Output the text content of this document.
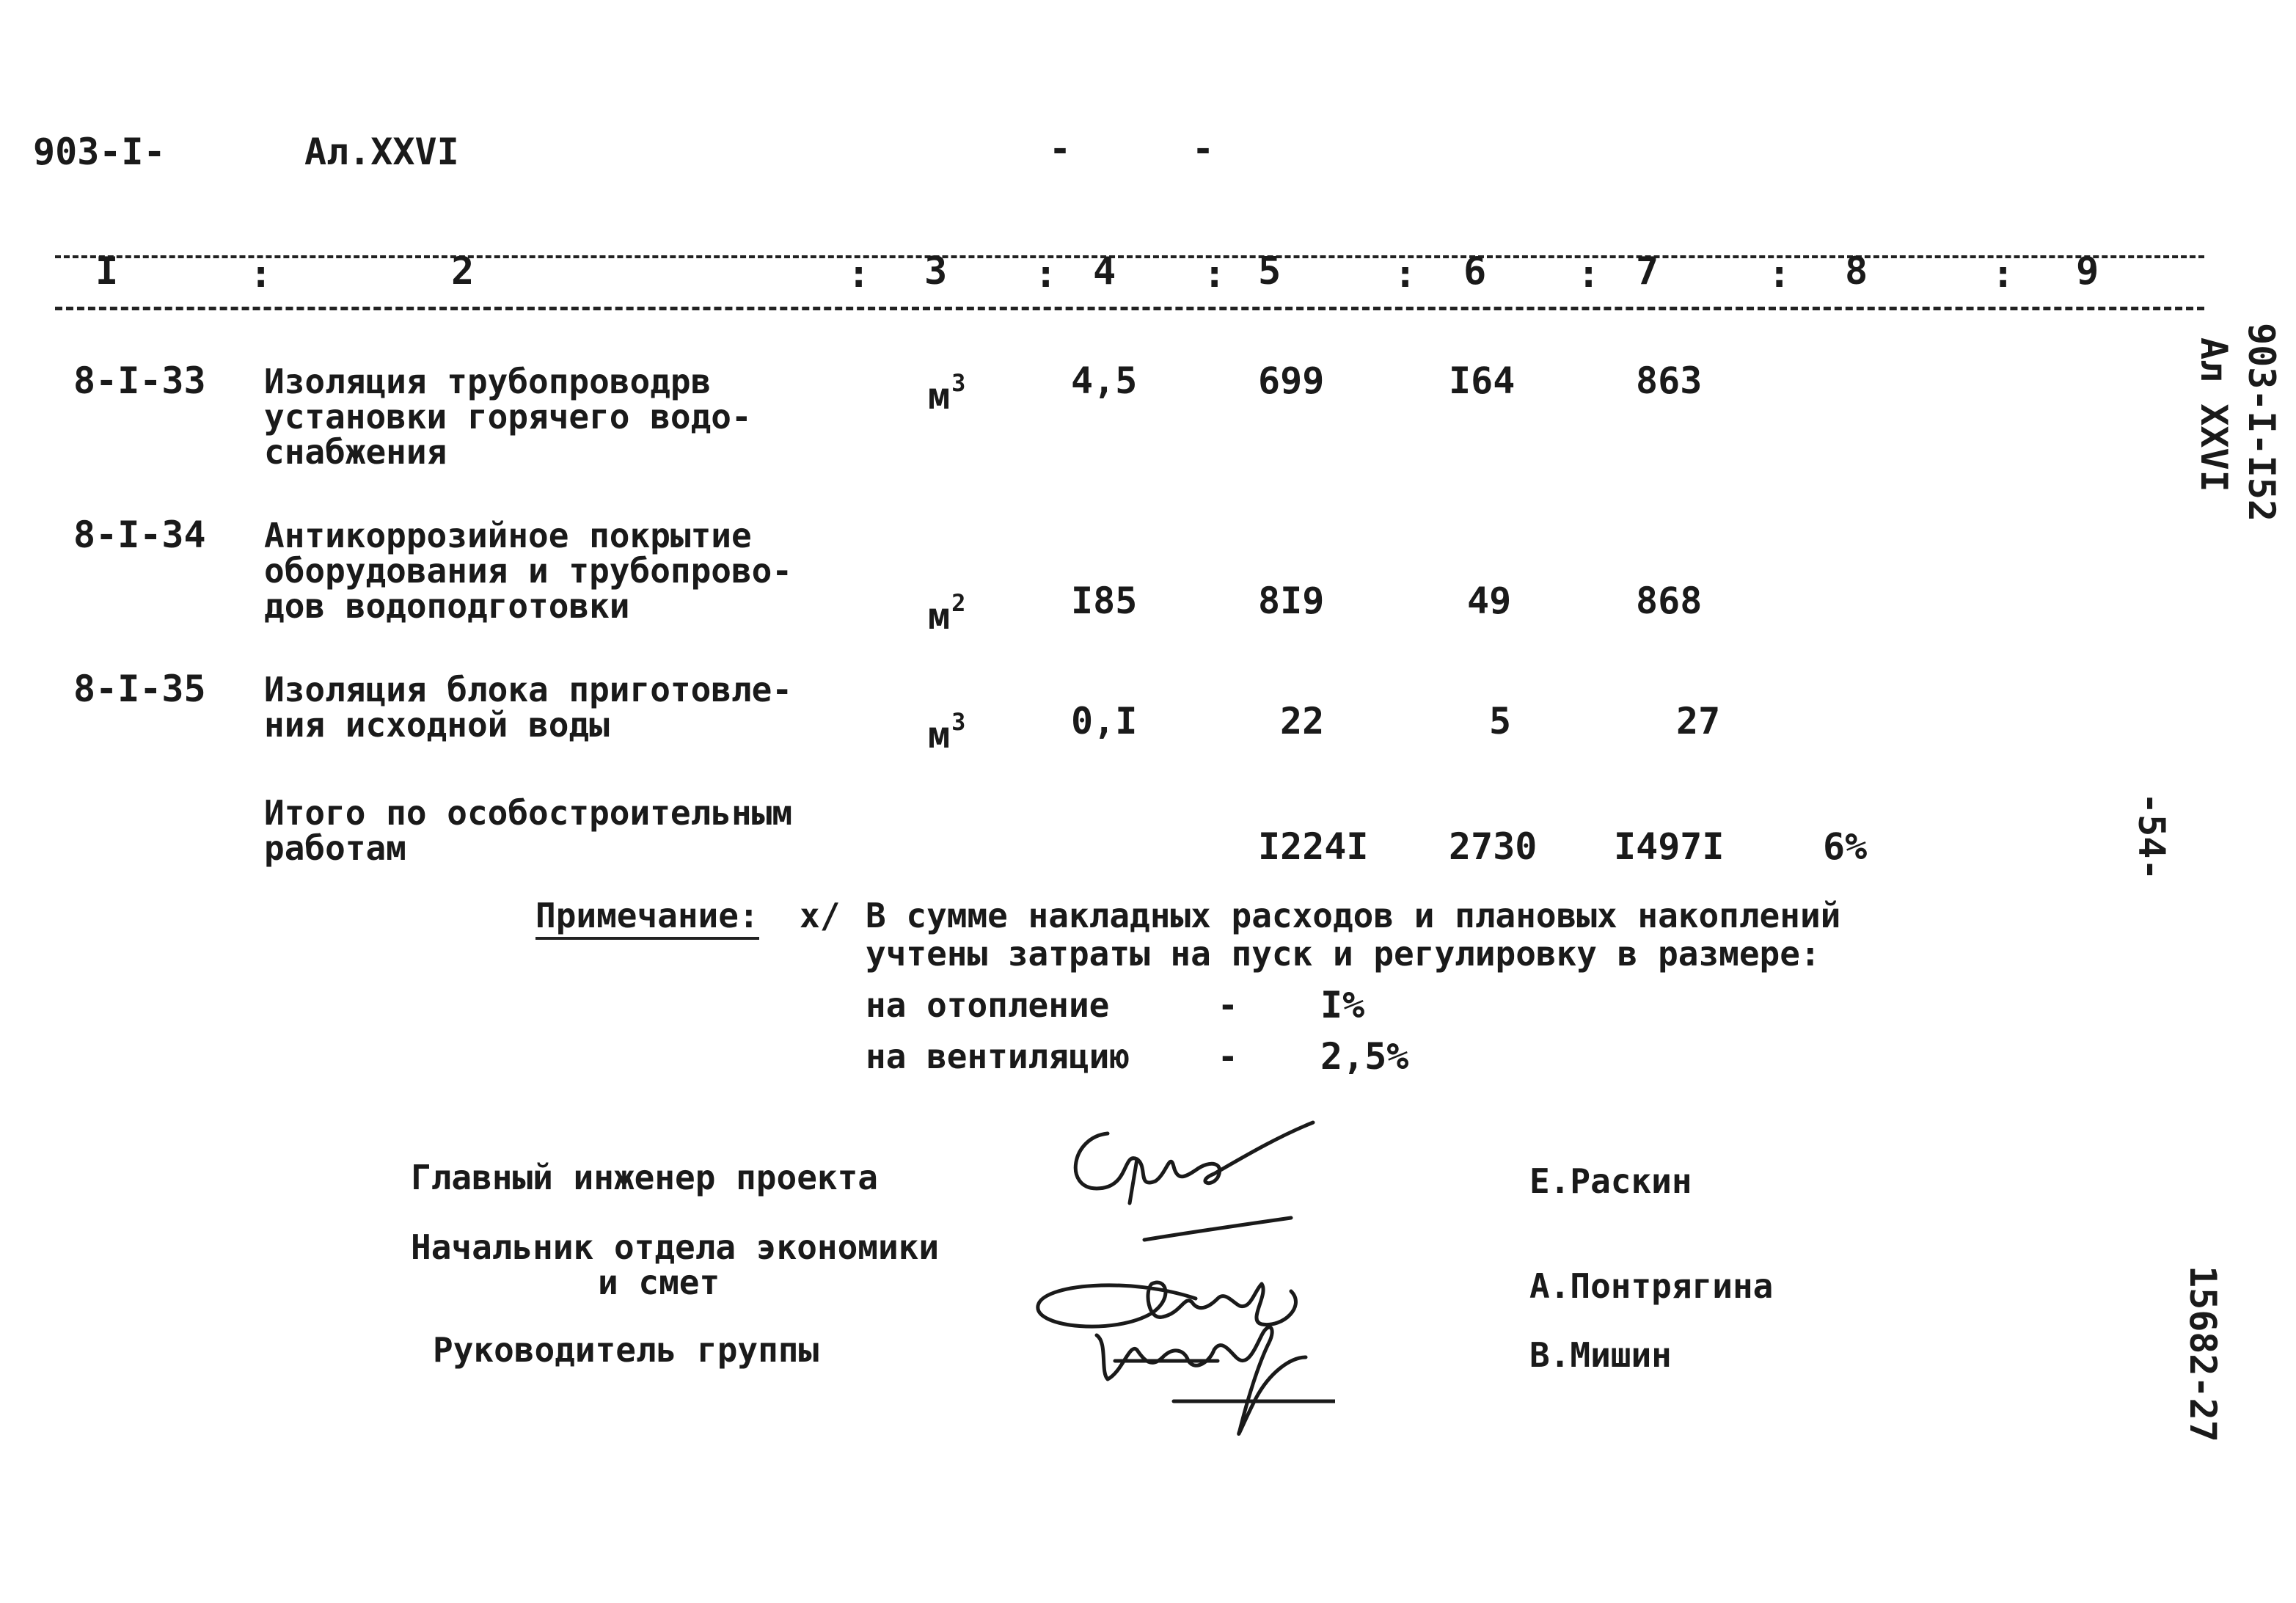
903-I-	Ал.XXVI	-	-
I	:	2	: 3 : 4 : 5	: 6 : 7	: 8	: 9
8-I-33 Изоляция трубопроводрв
установки горячего водо-
снабжения
$м^3$	4,5	699	I64	863
8-I-34 Антикоррозийное покрытие
оборудования и трубопрово-
дов водоподготовки	$м^2$	I85	8I9	49	868
8-I-35 Изоляция блока приготовле-
ния исходной воды	$м^3$	0,I	22	5	27
Итого по особостроительным
работам	I224I 2730 I497I	6%
Примечание: x/ В сумме накладных расходов и плановых накоплений
учтены затраты на пуск и регулировку в размере:
на отопление	- I%
на вентиляцию	- 2,5%
Главный инженер проекта	Е.Раскин
Начальник отдела экономики
и смет	А.Понтрягина
Руководитель группы	В.Мишин
903-I-I52
Ал XXVI
-54-
15682-27
